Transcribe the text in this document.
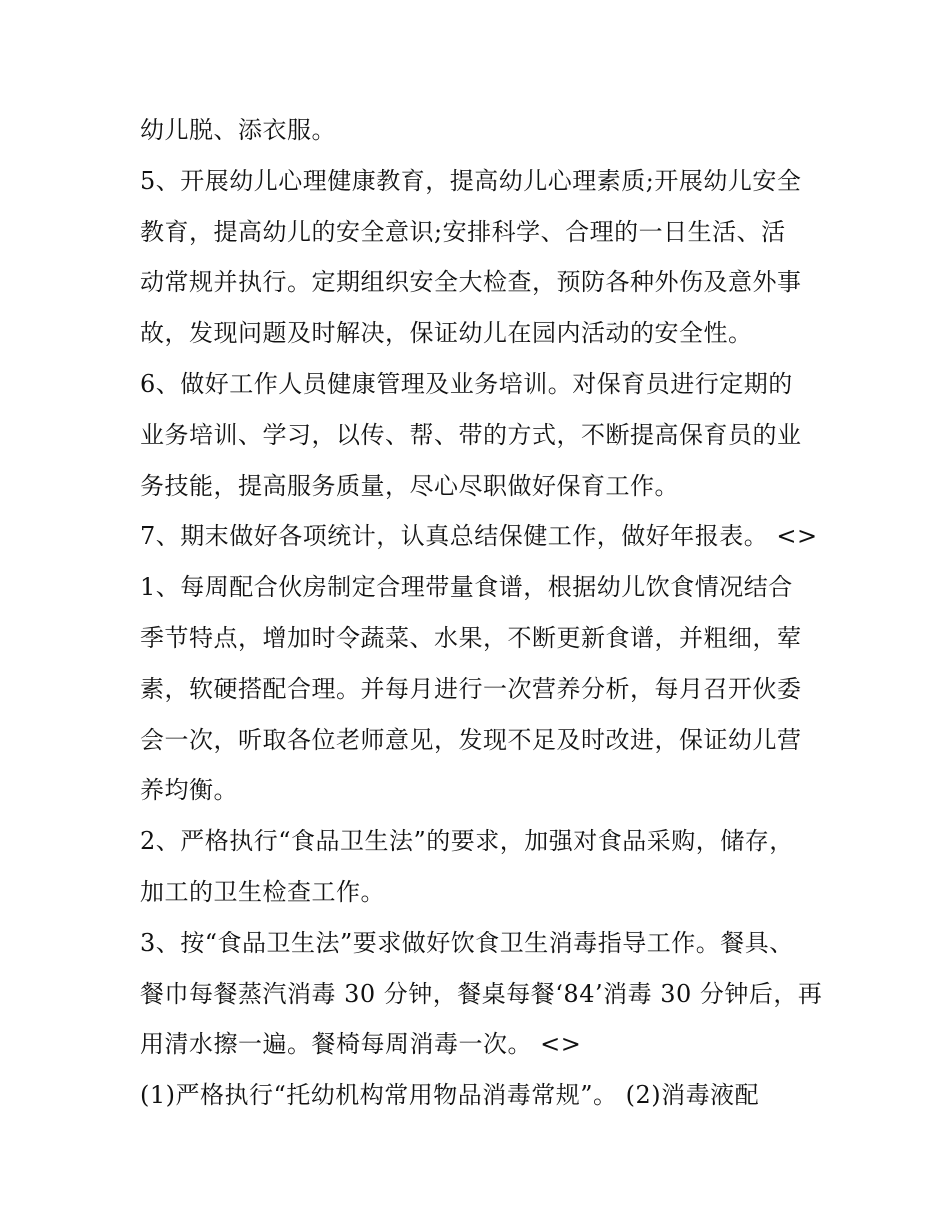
幼儿脱、添衣服。
5、开展幼儿心理健康教育，提高幼儿心理素质;开展幼儿安全
教育，提高幼儿的安全意识;安排科学、合理的一日生活、活
动常规并执行。定期组织安全大检查，预防各种外伤及意外事
故，发现问题及时解决，保证幼儿在园内活动的安全性。
6、做好工作人员健康管理及业务培训。对保育员进行定期的
业务培训、学习，以传、帮、带的方式，不断提高保育员的业
务技能，提高服务质量，尽心尽职做好保育工作。
7、期末做好各项统计，认真总结保健工作，做好年报表。 <>
1、每周配合伙房制定合理带量食谱，根据幼儿饮食情况结合
季节特点，增加时令蔬菜、水果，不断更新食谱，并粗细，荤
素，软硬搭配合理。并每月进行一次营养分析，每月召开伙委
会一次，听取各位老师意见，发现不足及时改进，保证幼儿营
养均衡。
2、严格执行“食品卫生法”的要求，加强对食品采购，储存，
加工的卫生检查工作。
3、按“食品卫生法”要求做好饮食卫生消毒指导工作。餐具、
餐巾每餐蒸汽消毒 30 分钟，餐桌每餐‘84’消毒 30 分钟后，再
用清水擦一遍。餐椅每周消毒一次。 <>
(1)严格执行“托幼机构常用物品消毒常规”。 (2)消毒液配
